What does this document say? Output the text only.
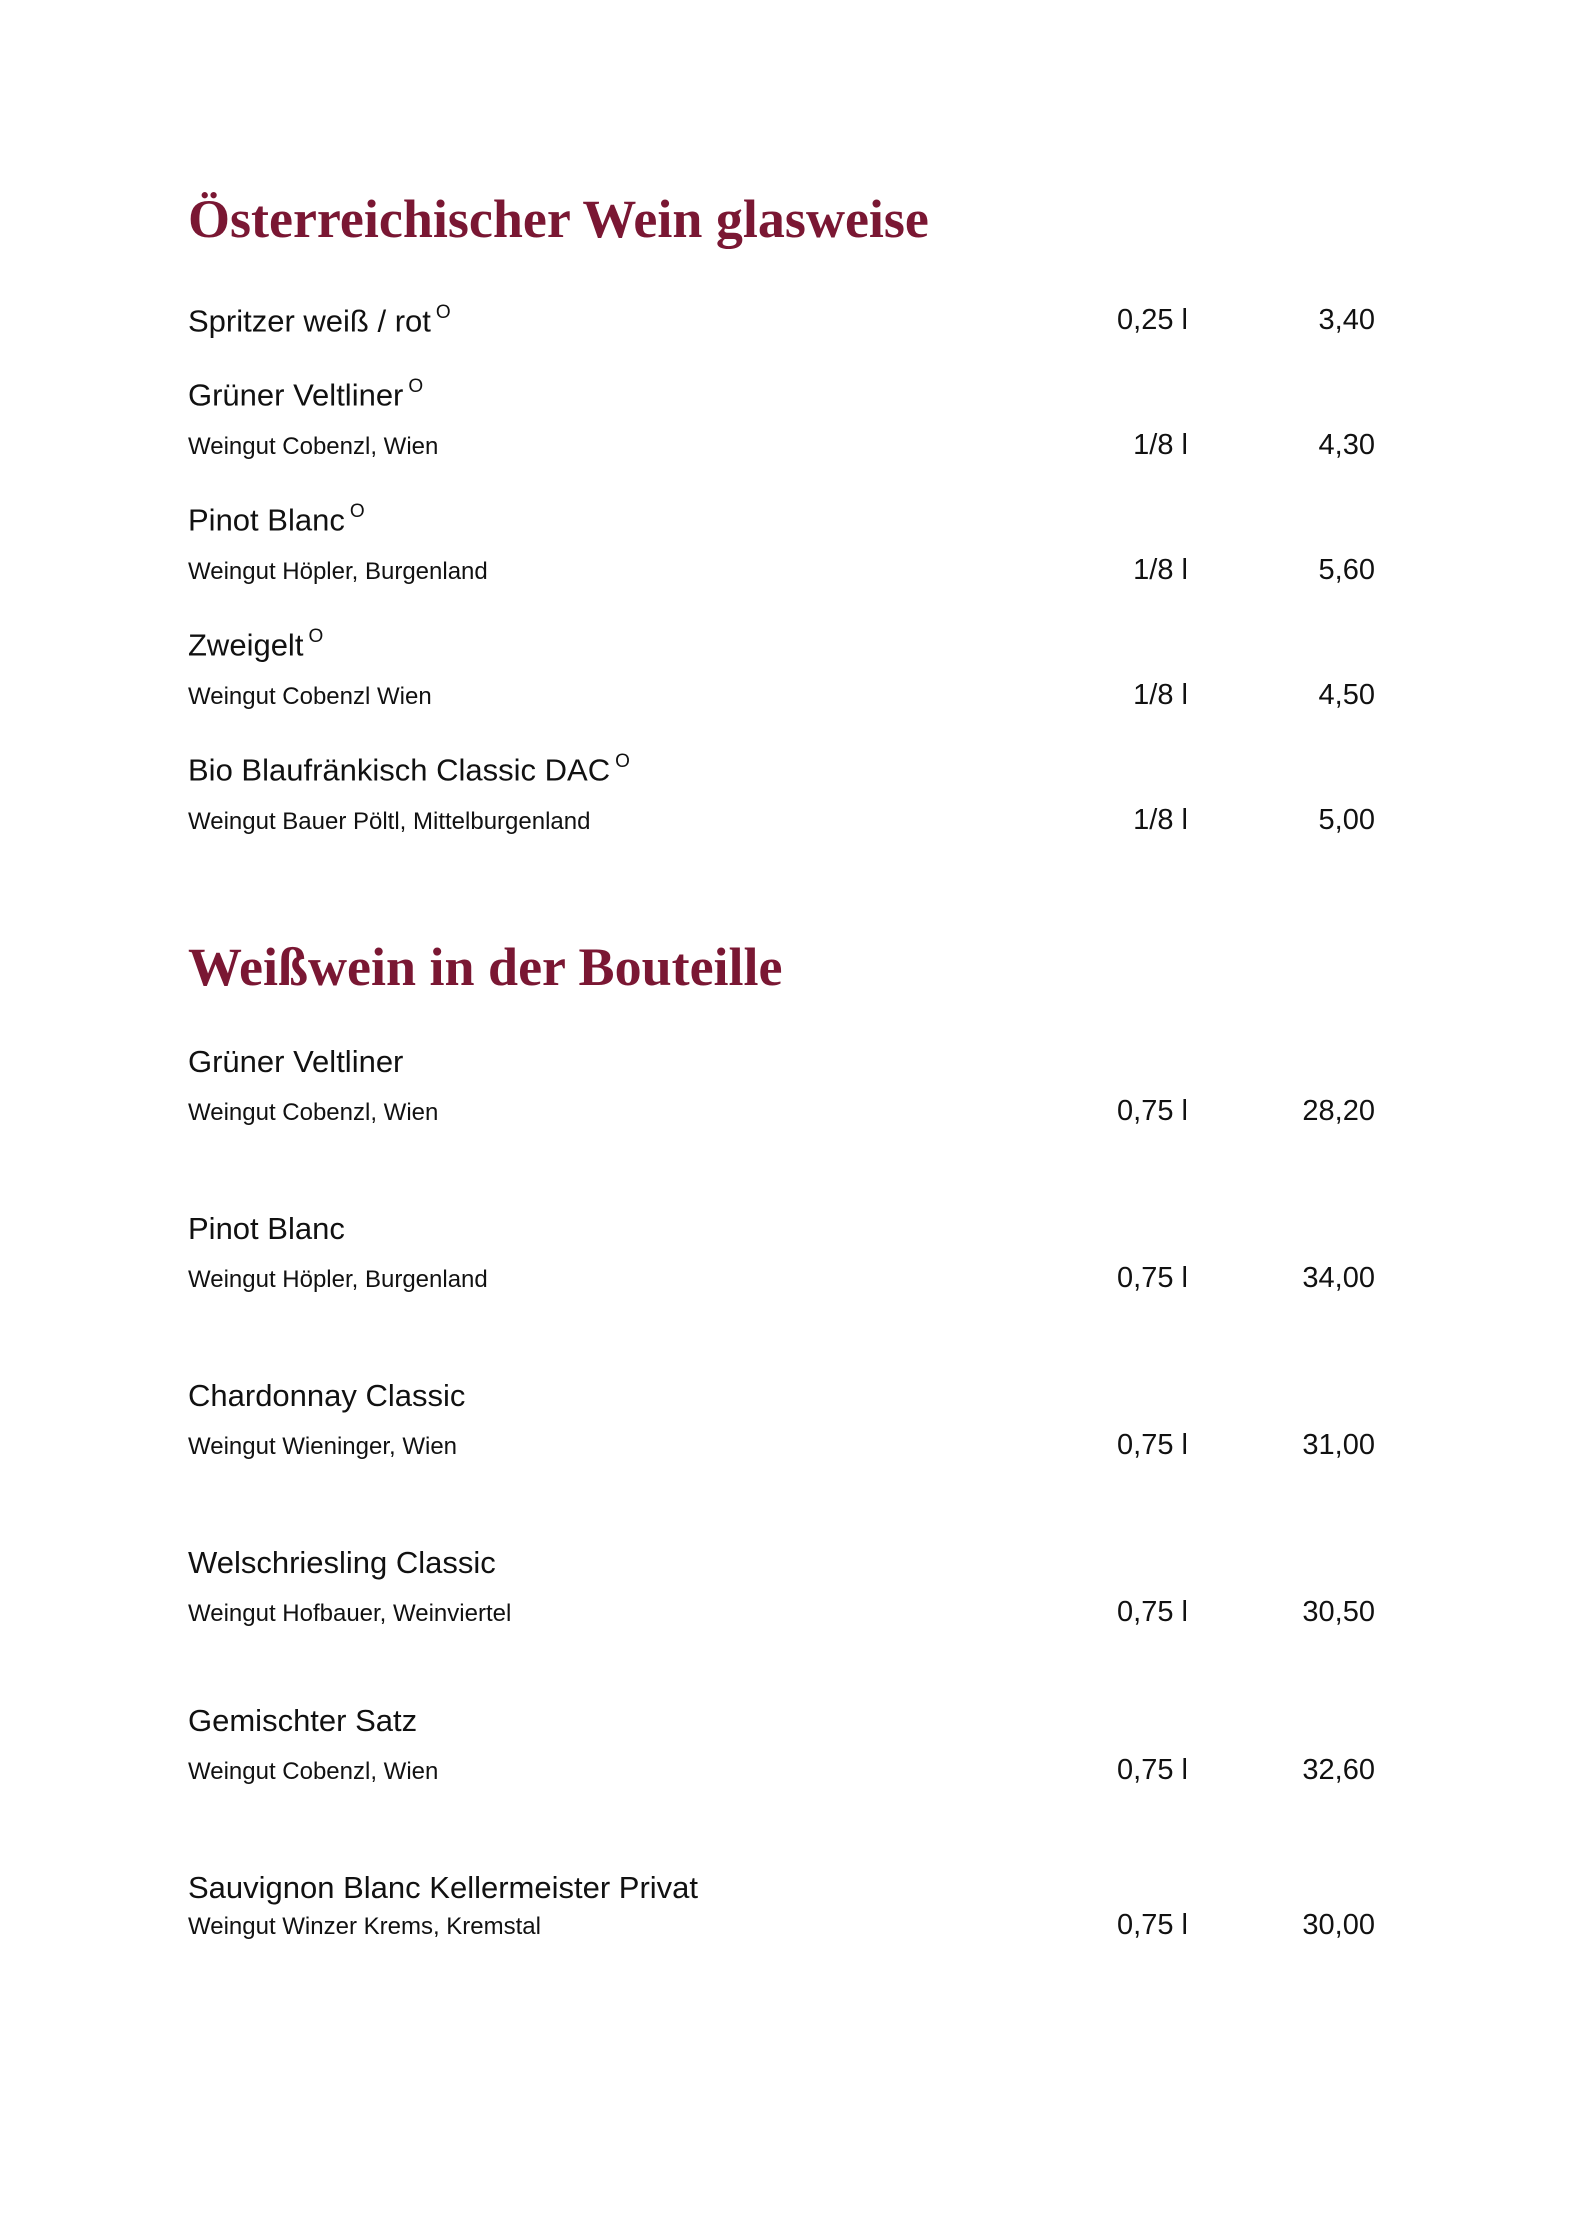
Österreichischer Wein glasweise
Spritzer weiß / rot $^O$	0,25 l	3,40
Grüner Veltliner $^O$
Weingut Cobenzl, Wien	1/8 l	4,30
Pinot Blanc $^O$
Weingut Höpler, Burgenland	1/8 l	5,60
Zweigelt $^O$
Weingut Cobenzl Wien	1/8 l	4,50
Bio Blaufränkisch Classic DAC $^O$
Weingut Bauer Pöltl, Mittelburgenland	1/8 l	5,00
Weißwein in der Bouteille
Grüner Veltliner
Weingut Cobenzl, Wien	0,75 l	28,20
Pinot Blanc
Weingut Höpler, Burgenland	0,75 l	34,00
Chardonnay Classic
Weingut Wieninger, Wien	0,75 l	31,00
Welschriesling Classic
Weingut Hofbauer, Weinviertel	0,75 l	30,50
Gemischter Satz
Weingut Cobenzl, Wien	0,75 l	32,60
Sauvignon Blanc Kellermeister Privat
Weingut Winzer Krems, Kremstal	0,75 l	30,00
